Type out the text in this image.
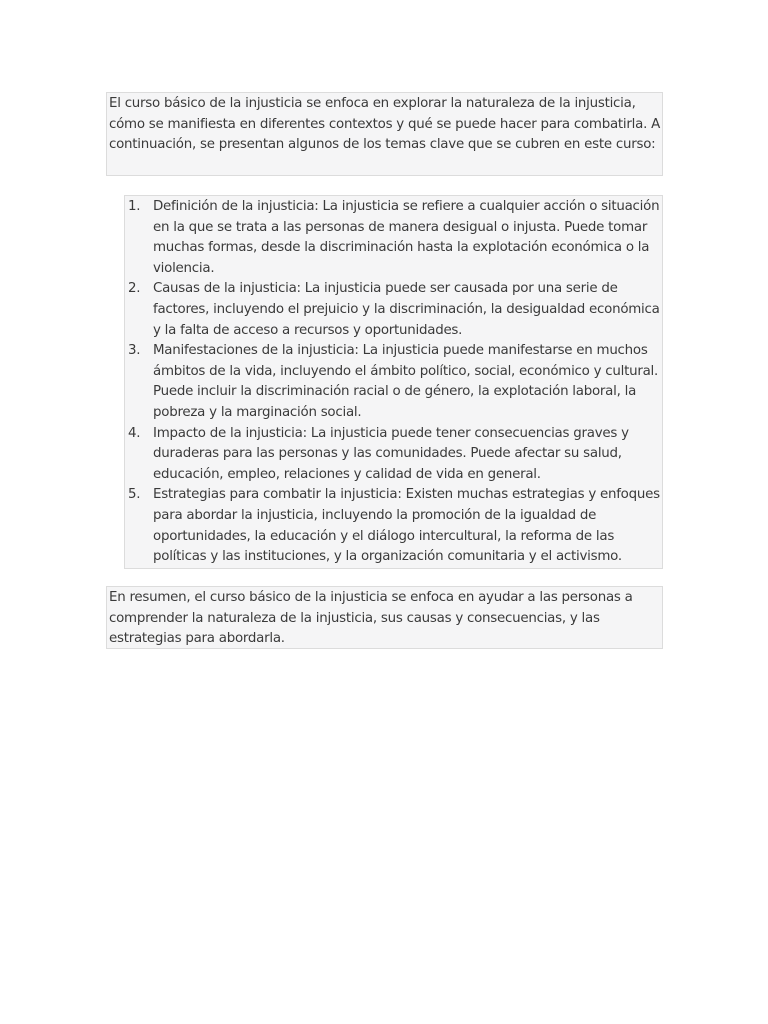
El curso básico de la injusticia se enfoca en explorar la naturaleza de la injusticia, cómo se manifiesta en diferentes contextos y qué se puede hacer para combatirla. A continuación, se presentan algunos de los temas clave que se cubren en este curso:

1. Definición de la injusticia: La injusticia se refiere a cualquier acción o situación en la que se trata a las personas de manera desigual o injusta. Puede tomar muchas formas, desde la discriminación hasta la explotación económica o la violencia.
2. Causas de la injusticia: La injusticia puede ser causada por una serie de factores, incluyendo el prejuicio y la discriminación, la desigualdad económica y la falta de acceso a recursos y oportunidades.
3. Manifestaciones de la injusticia: La injusticia puede manifestarse en muchos ámbitos de la vida, incluyendo el ámbito político, social, económico y cultural. Puede incluir la discriminación racial o de género, la explotación laboral, la pobreza y la marginación social.
4. Impacto de la injusticia: La injusticia puede tener consecuencias graves y duraderas para las personas y las comunidades. Puede afectar su salud, educación, empleo, relaciones y calidad de vida en general.
5. Estrategias para combatir la injusticia: Existen muchas estrategias y enfoques para abordar la injusticia, incluyendo la promoción de la igualdad de oportunidades, la educación y el diálogo intercultural, la reforma de las políticas y las instituciones, y la organización comunitaria y el activismo.

En resumen, el curso básico de la injusticia se enfoca en ayudar a las personas a comprender la naturaleza de la injusticia, sus causas y consecuencias, y las estrategias para abordarla.
